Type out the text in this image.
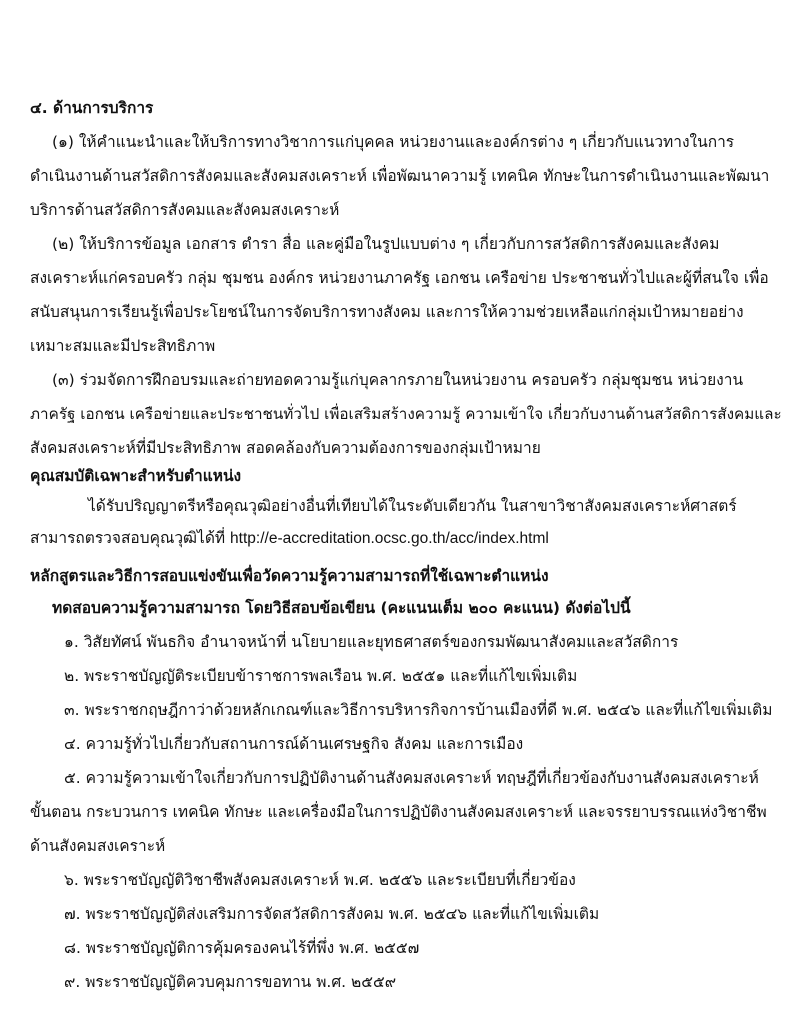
๔. ด้านการบริการ
(๑) ให้คำแนะนำและให้บริการทางวิชาการแก่บุคคล หน่วยงานและองค์กรต่าง ๆ เกี่ยวกับแนวทางในการ
ดำเนินงานด้านสวัสดิการสังคมและสังคมสงเคราะห์ เพื่อพัฒนาความรู้ เทคนิค ทักษะในการดำเนินงานและพัฒนา
บริการด้านสวัสดิการสังคมและสังคมสงเคราะห์
(๒) ให้บริการข้อมูล เอกสาร ตำรา สื่อ และคู่มือในรูปแบบต่าง ๆ เกี่ยวกับการสวัสดิการสังคมและสังคม
สงเคราะห์แก่ครอบครัว กลุ่ม ชุมชน องค์กร หน่วยงานภาครัฐ เอกชน เครือข่าย ประชาชนทั่วไปและผู้ที่สนใจ เพื่อ
สนับสนุนการเรียนรู้เพื่อประโยชน์ในการจัดบริการทางสังคม และการให้ความช่วยเหลือแก่กลุ่มเป้าหมายอย่าง
เหมาะสมและมีประสิทธิภาพ
(๓) ร่วมจัดการฝึกอบรมและถ่ายทอดความรู้แก่บุคลากรภายในหน่วยงาน ครอบครัว กลุ่มชุมชน หน่วยงาน
ภาครัฐ เอกชน เครือข่ายและประชาชนทั่วไป เพื่อเสริมสร้างความรู้ ความเข้าใจ เกี่ยวกับงานด้านสวัสดิการสังคมและ
สังคมสงเคราะห์ที่มีประสิทธิภาพ สอดคล้องกับความต้องการของกลุ่มเป้าหมาย
คุณสมบัติเฉพาะสำหรับตำแหน่ง
ได้รับปริญญาตรีหรือคุณวุฒิอย่างอื่นที่เทียบได้ในระดับเดียวกัน ในสาขาวิชาสังคมสงเคราะห์ศาสตร์
สามารถตรวจสอบคุณวุฒิได้ที่ http://e-accreditation.ocsc.go.th/acc/index.html
หลักสูตรและวิธีการสอบแข่งขันเพื่อวัดความรู้ความสามารถที่ใช้เฉพาะตำแหน่ง
ทดสอบความรู้ความสามารถ โดยวิธีสอบข้อเขียน (คะแนนเต็ม ๒๐๐ คะแนน) ดังต่อไปนี้
๑. วิสัยทัศน์ พันธกิจ อำนาจหน้าที่ นโยบายและยุทธศาสตร์ของกรมพัฒนาสังคมและสวัสดิการ
๒. พระราชบัญญัติระเบียบข้าราชการพลเรือน พ.ศ. ๒๕๕๑ และที่แก้ไขเพิ่มเติม
๓. พระราชกฤษฎีกาว่าด้วยหลักเกณฑ์และวิธีการบริหารกิจการบ้านเมืองที่ดี พ.ศ. ๒๕๔๖ และที่แก้ไขเพิ่มเติม
๔. ความรู้ทั่วไปเกี่ยวกับสถานการณ์ด้านเศรษฐกิจ สังคม และการเมือง
๕. ความรู้ความเข้าใจเกี่ยวกับการปฏิบัติงานด้านสังคมสงเคราะห์ ทฤษฎีที่เกี่ยวข้องกับงานสังคมสงเคราะห์
ขั้นตอน กระบวนการ เทคนิค ทักษะ และเครื่องมือในการปฏิบัติงานสังคมสงเคราะห์ และจรรยาบรรณแห่งวิชาชีพ
ด้านสังคมสงเคราะห์
๖. พระราชบัญญัติวิชาชีพสังคมสงเคราะห์ พ.ศ. ๒๕๕๖ และระเบียบที่เกี่ยวข้อง
๗. พระราชบัญญัติส่งเสริมการจัดสวัสดิการสังคม พ.ศ. ๒๕๔๖ และที่แก้ไขเพิ่มเติม
๘. พระราชบัญญัติการคุ้มครองคนไร้ที่พึ่ง พ.ศ. ๒๕๕๗
๙. พระราชบัญญัติควบคุมการขอทาน พ.ศ. ๒๕๕๙
